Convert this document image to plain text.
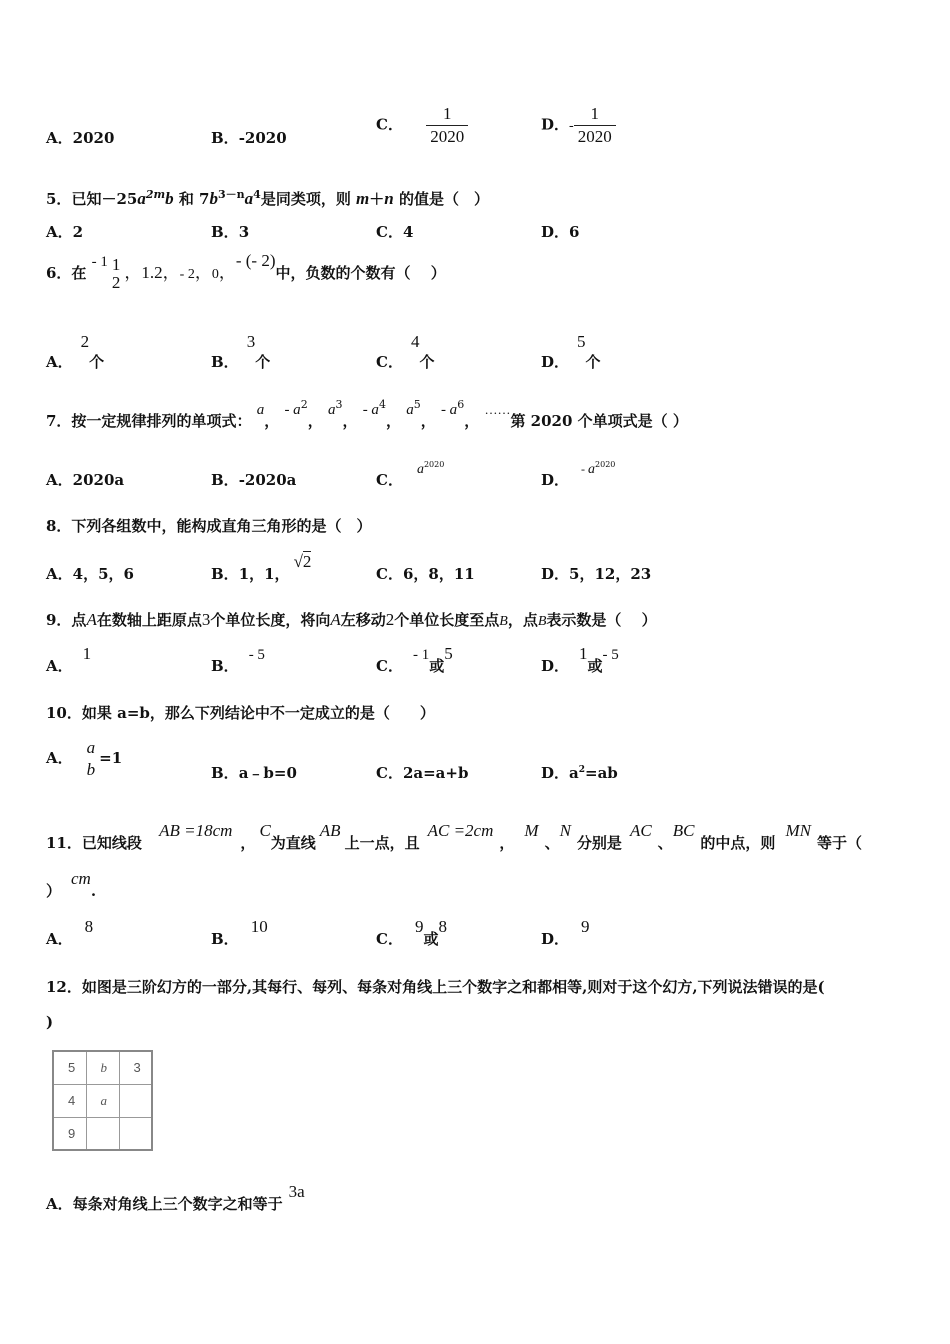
A．2020	B．-2020
C． $\frac{1}{2020}$	D．- $\frac{1}{2020}$
5．已知$-25a^{2m}b$ 和 $7b^{3-n}a^4$是同类项，则 m＋n 的值是（　）
A．2	B．3	C．4	D．6
6．在 - 1 1
2
，1.2，- 2，0，- (- 2)中，负数的个数有（　 ）
A．2个	B．3个	C．4个	D．5个
7．按一定规律排列的单项式： a， - $a^2$， $a^3$， - $a^4$， $a^5$， - $a^6$， ……第 2020 个单项式是（ ）
A．2020a	B．-2020a	C．$a^{2020}$
D．- $a^{2020}$
8．下列各组数中，能构成直角三角形的是（　）
A．4，5，6	B．1，1，√2
C．6，8，11	D．5，12，23
9．点A在数轴上距原点3个单位长度，将向A左移动2个单位长度至点B，点B表示数是（　 ）
A．1
B．- 5
C．- 1或5
D．1或- 5
10．如果 a=b，那么下列结论中不一定成立的是（　　）
A．
a
b
=1
B．a﹣b=0	C．2a=a+b	D．$a^2=ab$
11．已知线段 AB =18cm，C为直线AB上一点，且AC =2cm，M、N分别是AC、BC的中点，则MN等于（
）cm.
A．8
B．10
C．9或8
D．9
12．如图是三阶幻方的一部分,其每行、每列、每条对角线上三个数字之和都相等,则对于这个幻方,下列说法错误的是(
)
5	b	3
4	a	
9		
A．每条对角线上三个数字之和等于3a
